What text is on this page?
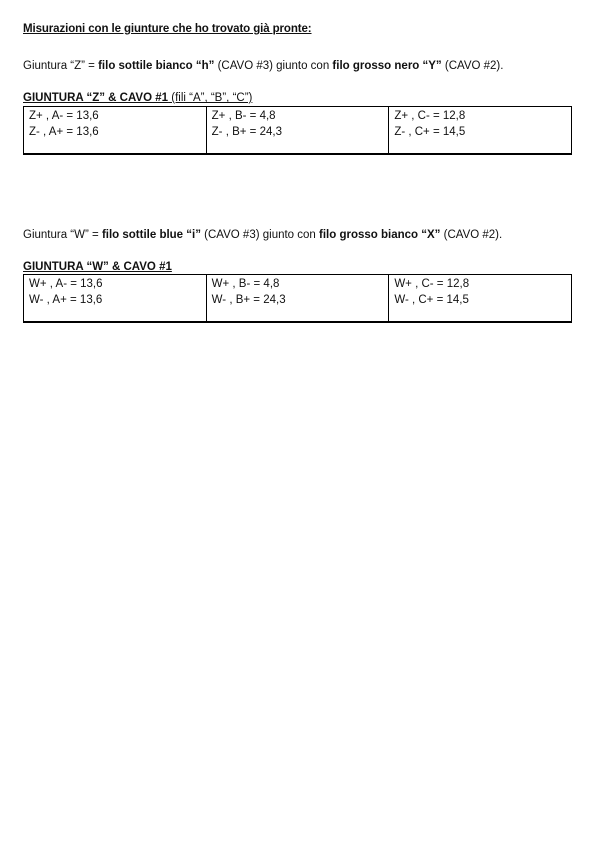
Misurazioni con le giunture che ho trovato già pronte:
Giuntura “Z” = filo sottile bianco “h” (CAVO #3) giunto con filo grosso nero “Y” (CAVO #2).
GIUNTURA “Z” & CAVO #1 (fili “A”, “B”, “C”)
Z+ , A- = 13,6
Z- , A+ = 13,6

Z+ , B- = 4,8
Z- , B+ = 24,3

Z+ , C- = 12,8
Z- , C+ = 14,5
Giuntura “W” = filo sottile blue “i” (CAVO #3) giunto con filo grosso bianco “X” (CAVO #2).
GIUNTURA “W” & CAVO #1
W+ , A- = 13,6
W- , A+ = 13,6

W+ , B- = 4,8
W- , B+ = 24,3

W+ , C- = 12,8
W- , C+ = 14,5
